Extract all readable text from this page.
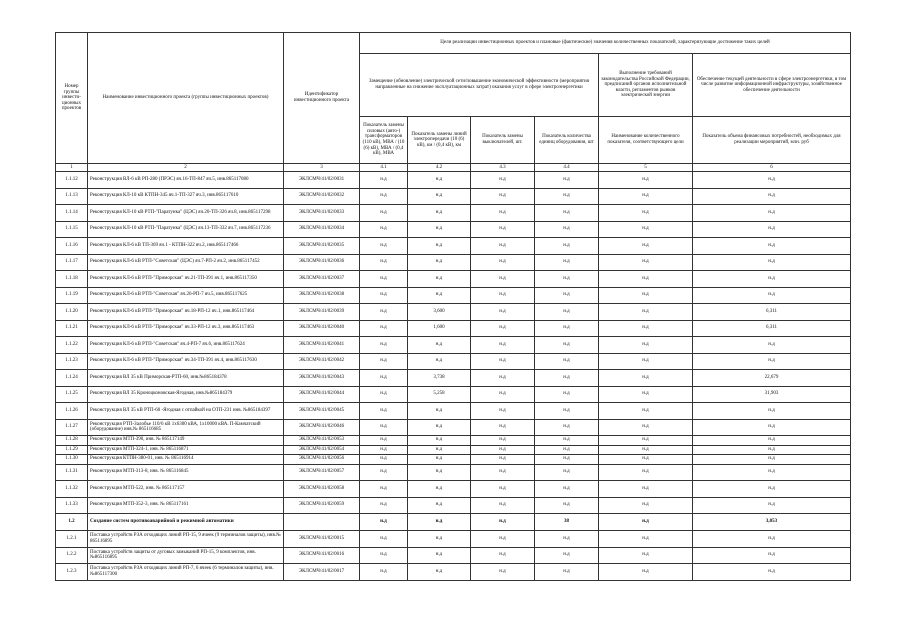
Номер группы инвести-ционных проектов	Наименование инвестиционного проекта (группы инвестиционных проектов)	Идентификатор инвестиционного проекта	Цели реализации инвестиционных проектов и плановые (фактические) значения количественных показателей, характеризующие достижение таких целей					
			Замещение (обновление) электрической сети/повышение экономической эффективности (мероприятия направленные на снижение эксплуатационных затрат) оказания услуг в сфере электроэнергетики				Выполнение требований законодательства Российской Федерации, предписаний органов исполнительной власти, регламентов рынков электрической энергии	Обеспечение текущей деятельности в сфере электроэнергетики, в том числе развитие информационной инфраструктуры, хозяйственное обеспечение деятельности
			Показатель замены силовых (авто-) трансформаторов (110 кВ), МВА / (10 (6) кВ), МВА / (0,4 кВ), МВА	Показатель замены линий электропередачи (10 (6) кВ), км / (0,4 кВ), км	Показатель замены выключателей, шт.	Показатель количества единиц оборудования, шт	Наименование количественного показателя, соответствующего цели	Показатель объема финансовых потребностей, необходимых для реализации мероприятий, млн. руб
1	2	3	4.1	4.2	4.3	4.4	5	6
1.1.12	Реконструкция ВЛ-6 кВ РП-280 (ПРЭС) яч.16-ТП-847 яч.5, инв.865117080	ЭКЛСМЧ/41/02/0031	н.д	н.д	н.д	н.д	н.д	н.д
1.1.13	Реконструкция КЛ-10 кВ КТПН-345 яч.1-ТП-327 яч.3, инв.865117610	ЭКЛСМЧ/41/02/0032	н.д	н.д	н.д	н.д	н.д	н.д
1.1.14	Реконструкция КЛ-10 кВ РТП-"Паратунка" (ЦЭС) яч.20-ТП-326 яч.8, инв.865117298	ЭКЛСМЧ/41/02/0033	н.д	н.д	н.д	н.д	н.д	н.д
1.1.15	Реконструкция КЛ-10 кВ РТП-"Паратунка" (ЦЭС) яч.13-ТП-332 яч.7, инв.865117236	ЭКЛСМЧ/41/02/0034	н.д	н.д	н.д	н.д	н.д	н.д
1.1.16	Реконструкция КЛ-6 кВ ТП-369 яч.1 - КТПН-322 яч.2, инв.865117466	ЭКЛСМЧ/41/02/0035	н.д	н.д	н.д	н.д	н.д	н.д
1.1.17	Реконструкция КЛ-6 кВ РТП-"Советская" (ЦЭС) яч.7-РП-2 яч.2, инв.865117452	ЭКЛСМЧ/41/02/0036	н.д	н.д	н.д	н.д	н.д	н.д
1.1.18	Реконструкция КЛ-6 кВ РТП-"Приморская" яч.21-ТП-391 яч.1, инв.865117350	ЭКЛСМЧ/41/02/0037	н.д	н.д	н.д	н.д	н.д	н.д
1.1.19	Реконструкция КЛ-6 кВ РТП-"Советская" яч.26-РП-7 яч.5, инв.865117625	ЭКЛСМЧ/41/02/0038	н.д	н.д	н.д	н.д	н.д	н.д
1.1.20	Реконструкция КЛ-6 кВ РТП-"Приморская" яч.18-РП-12 яч.1, инв.865117464	ЭКЛСМЧ/41/02/0039	н.д	3,600	н.д	н.д	н.д	6,311
1.1.21	Реконструкция КЛ-6 кВ РТП-"Приморская" яч.33-РП-12 яч.3, инв.865117463	ЭКЛСМЧ/41/02/0040	н.д	1,600	н.д	н.д	н.д	6,311
1.1.22	Реконструкция КЛ-6 кВ РТП-"Советская" яч.4-РП-7 яч.6, инв.865117624	ЭКЛСМЧ/41/02/0041	н.д	н.д	н.д	н.д	н.д	н.д
1.1.23	Реконструкция КЛ-6 кВ РТП-"Приморская" яч.34-ТП-391 яч.4, инв.865117630	ЭКЛСМЧ/41/02/0042	н.д	н.д	н.д	н.д	н.д	н.д
1.1.24	Реконструкция ВЛ 35 кВ Приморская-РТП-60, инв.№865184378	ЭКЛСМЧ/41/02/0043	н.д	3,738	н.д	н.д	н.д	22,679
1.1.25	Реконструкция ВЛ 35 Кроноцконовская-Ягодная, инв.№865184379	ЭКЛСМЧ/41/02/0044	н.д	5,258	н.д	н.д	н.д	31,903
1.1.26	Реконструкция ВЛ 35 кВ РТП-60 -Ягодная с отпайкой на ОТП-231 инв. №865184397	ЭКЛСМЧ/41/02/0045	н.д	н.д	н.д	н.д	н.д	н.д
1.1.27	Реконструкция РТП-Залобье 110/6 кВ 1х6300 кВА, 1х10000 кВА. П-Камчатский (оборудование) инв.№ 865116685	ЭКЛСМЧ/41/02/0046	н.д	н.д	н.д	н.д	н.д	н.д
1.1.28	Реконструкция МТП-390, инв. № 865117149	ЭКЛСМЧ/41/02/0053	н.д	н.д	н.д	н.д	н.д	н.д
1.1.29	Реконструкция МТП-324-1, инв. № 865116871	ЭКЛСМЧ/41/02/0054	н.д	н.д	н.д	н.д	н.д	н.д
1.1.30	Реконструкция КТПН-380-01, инв. № 865116914	ЭКЛСМЧ/41/02/0056	н.д	н.д	н.д	н.д	н.д	н.д
1.1.31	Реконструкция МТП-313-8, инв. № 865116845	ЭКЛСМЧ/41/02/0057	н.д	н.д	н.д	н.д	н.д	н.д
1.1.32	Реконструкция МТП-522, инв. № 865117157	ЭКЛСМЧ/41/02/0058	н.д	н.д	н.д	н.д	н.д	н.д
1.1.33	Реконструкция МТП-352-3, инв. № 865117161	ЭКЛСМЧ/41/02/0059	н.д	н.д	н.д	н.д	н.д	н.д
1.2	Создание систем противоаварийной и режимной автоматики		н.д	н.д	н.д	38	н.д	3,053
1.2.1	Поставка устройств РЗА отходящих линий РП-15, 9 ячеек (9 терминалов защиты), инв.№ 865116895	ЭКЛСМЧ/41/02/0015	н.д	н.д	н.д	н.д	н.д	н.д
1.2.2	Поставка устройств защиты от дуговых замыканий РП-15, 9 комплектов, инв.№865116895	ЭКЛСМЧ/41/02/0016	н.д	н.д	н.д	н.д	н.д	н.д
1.2.3	Поставка устройств РЗА отходящих линий РП-7, 6 ячеек (6 терминалов защиты), инв.№865117300	ЭКЛСМЧ/41/02/0017	н.д	н.д	н.д	н.д	н.д	н.д
